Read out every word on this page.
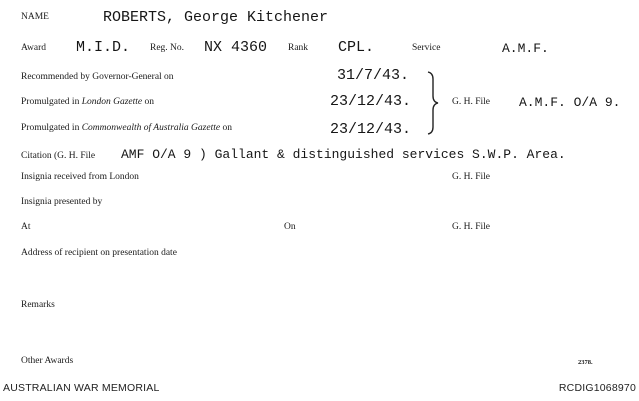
NAME	ROBERTS, George Kitchener
Award M.I.D. Reg. No. NX 4360 Rank CPL.	Service	A.M.F.
Recommended by Governor-General on	31/7/43.
Promulgated in London Gazette on	23/12/43.
Promulgated in Commonwealth of Australia Gazette on	23/12/43.
G. H. File A.M.F. O/A 9.
Citation (G. H. File AMF O/A 9 ) Gallant & distinguished services S.W.P. Area.
Insignia received from London	G. H. File
Insignia presented by
At	On	G. H. File
Address of recipient on presentation date
Remarks
Other Awards	2378.
AUSTRALIAN WAR MEMORIAL	RCDIG1068970
